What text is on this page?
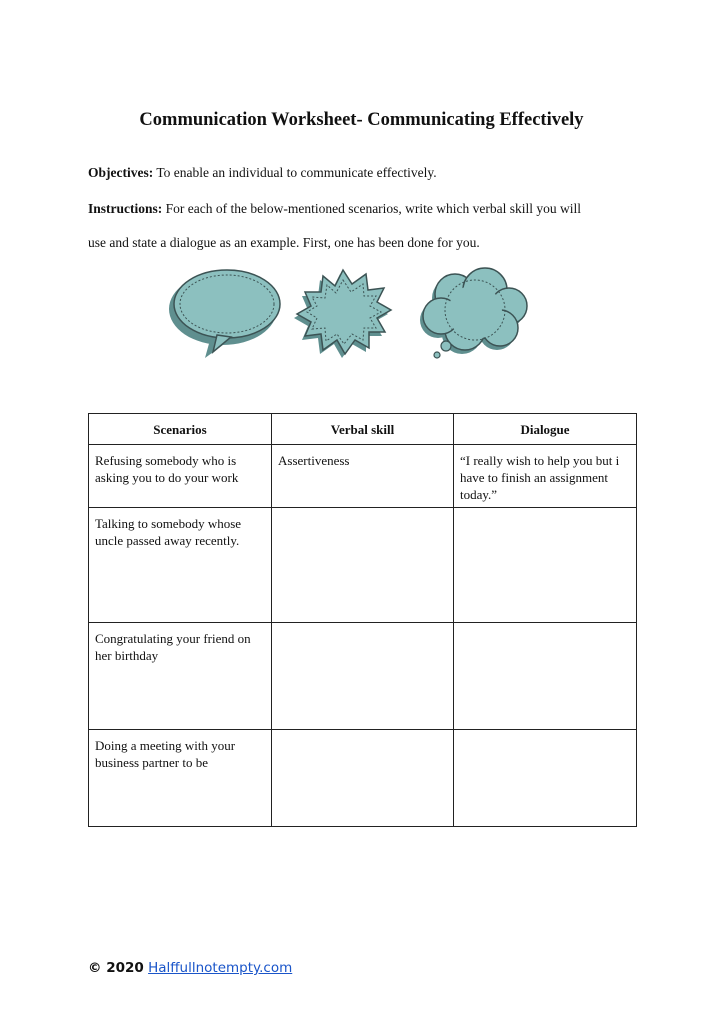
Communication Worksheet- Communicating Effectively

Objectives: To enable an individual to communicate effectively.

Instructions: For each of the below-mentioned scenarios, write which verbal skill you will

use and state a dialogue as an example. First, one has been done for you.

Scenarios	Verbal skill	Dialogue
Refusing somebody who is asking you to do your work	Assertiveness	“I really wish to help you but i have to finish an assignment today.”
Talking to somebody whose uncle passed away recently.		
Congratulating your friend on her birthday		
Doing a meeting with your business partner to be		
© 2020 Halffullnotempty.com
